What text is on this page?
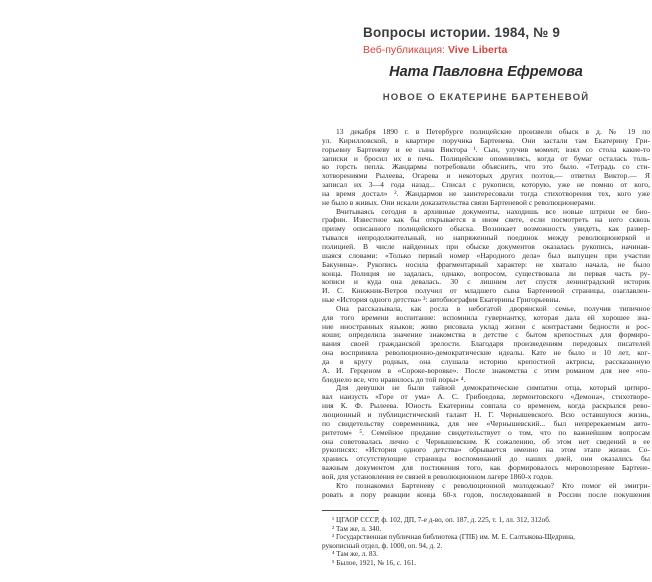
Вопросы истории. 1984, № 9
Веб-публикация: Vive Liberta
Ната Павловна Ефремова
НОВОЕ О ЕКАТЕРИНЕ БАРТЕНЕВОЙ
13 декабря 1890 г. в Петербурге полицейские произвели обыск в д. № 19 по
ул. Кирилловской, в квартире поручика Бартенева. Они застали там Екатерину Гри-
горьевну Бартеневу и ее сына Виктора ¹. Сын, улучив момент, взял со стола какие-то
записки и бросил их в печь. Полицейские опомнились, когда от бумаг осталась толь-
ко горсть пепла. Жандармы потребовали объяснить, что это было. «Тетрадь со сти-
хотворениями Рылеева, Огарева и некоторых других поэтов,— ответил Виктор.— Я
записал их 3—4 года назад... Списал с рукописи, которую, уже не помню от кого,
на время достал» ². Жандармов не заинтересовали тогда стихотворения тех, кого уже
не было в живых. Они искали доказательства связи Бартеневой с революционерами.
Вчитываясь сегодня в архивные документы, находишь все новые штрихи ее био-
графии. Известное как бы открывается в ином свете, если посмотреть на него сквозь
призму описанного полицейского обыска. Возникает возможность увидеть, как развер-
тывался непродолжительный, но напряженный поединок между революционеркой и
полицией. В числе найденных при обыске документов оказалась рукопись, начинав-
шаяся словами: «Только первый номер «Народного дела» был выпущен при участии
Бакунина». Рукопись носила фрагментарный характер: не хватало начала, не было
конца. Полиция не задалась, однако, вопросом, существовала ли первая часть ру-
кописи и куда она девалась. 30 с лишним лет спустя ленинградский историк
И. С. Книжник-Ветров получил от младшего сына Бартеневой страницы, озаглавлен-
ные «История одного детства» ³: автобиография Екатерины Григорьевны.
Она рассказывала, как росла в небогатой дворянской семье, получив типичное
для того времени воспитание: вспомнила гувернантку, которая дала ей хорошее зна-
ние иностранных языков; живо рисовала уклад жизни с контрастами бедности и рос-
коши; определила значение знакомства в детстве с бытом крепостных для формиро-
вания своей гражданской зрелости. Благодаря произведениям передовых писателей
она восприняла революционно-демократические идеалы. Кате не было и 10 лет, ког-
да в кругу родных, она слушала историю крепостной актрисы, рассказанную
А. И. Герценом в «Сороке-воровке». После знакомства с этим романом для нее «по-
бледнело все, что нравилось до той поры» ⁴.
Для девушки не были тайной демократические симпатии отца, который цитиро-
вал наизусть «Горе от ума» А. С. Грибоедова, лермонтовского «Демона», стихотворе-
ния К. Ф. Рылеева. Юность Екатерины совпала со временем, когда раскрылся рево-
люционный и публицистический талант Н. Г. Чернышевского. Всю оставшуюся жизнь,
по свидетельству современника, для нее «Чернышевский... был непререкаемым авто-
ритетом» ⁵. Семейное предание свидетельствует о том, что по важнейшим вопросам
она советовалась лично с Чернышевским. К сожалению, об этом нет сведений в ее
рукописях: «История одного детства» обрывается именно на этом этапе жизни. Со-
хранись отсутствующие страницы воспоминаний до наших дней, они оказались бы
важным документом для постижения того, как формировалось мировоззрение Бартене-
вой, для установления ее связей в революционном лагере 1860-х годов.
Кто познакомил Бартеневу с революционной молодежью? Кто помог ей эмигри-
ровать в пору реакции конца 60-х годов, последовавшей в России после покушения
¹ ЦГАОР СССР, ф. 102, ДП, 7-е д-во, оп. 187, д. 225, т. 1, лл. 312, 312об.
² Там же, л. 340.
³ Государственная публичная библиотека (ГПБ) им. М. Е. Салтыкова-Щедрина,
рукописный отдел, ф. 1000, оп. 94, д. 2.
⁴ Там же, л. 83.
⁵ Былое, 1921, № 16, с. 161.
